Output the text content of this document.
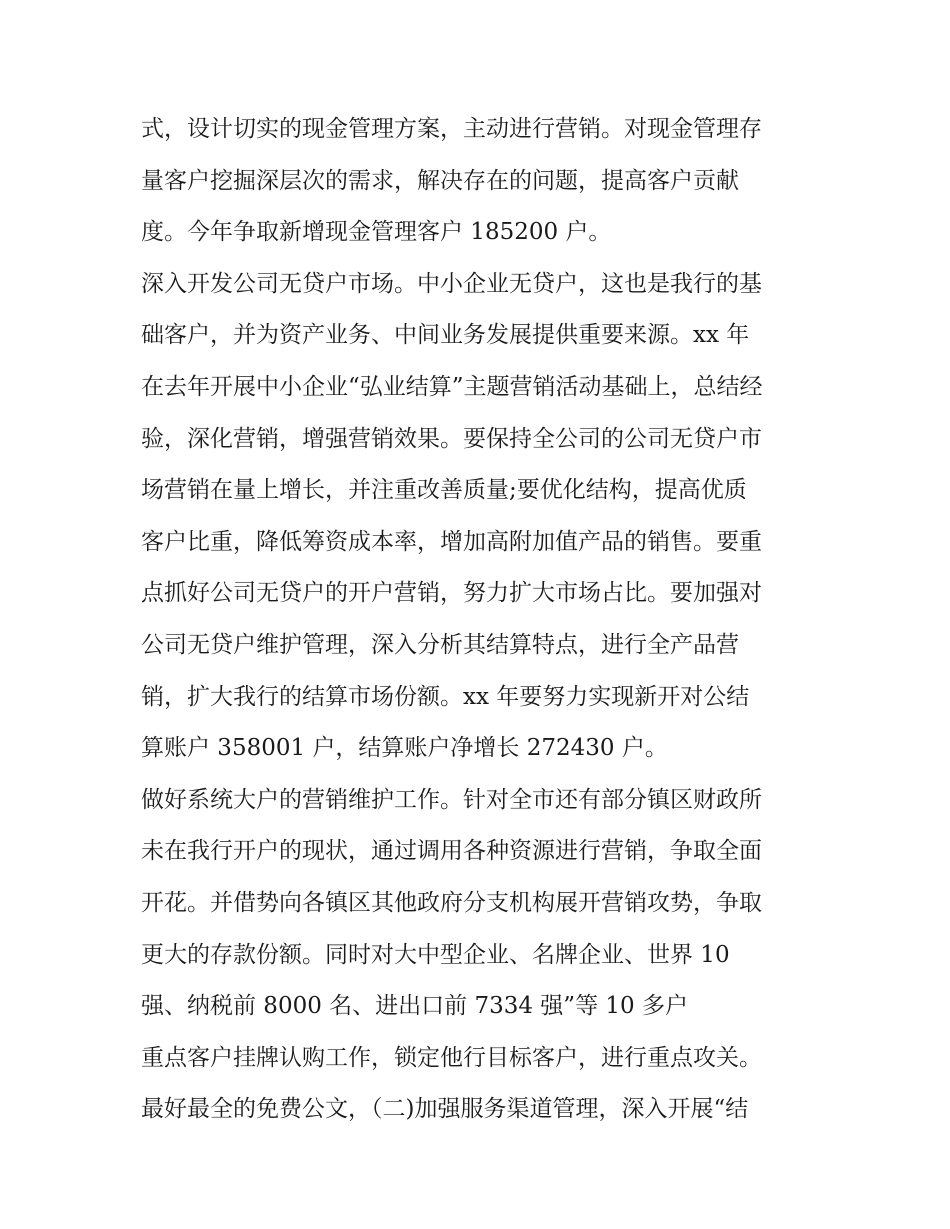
式，设计切实的现金管理方案，主动进行营销。对现金管理存
量客户挖掘深层次的需求，解决存在的问题，提高客户贡献
度。今年争取新增现金管理客户 185200 户。
深入开发公司无贷户市场。中小企业无贷户，这也是我行的基
础客户，并为资产业务、中间业务发展提供重要来源。xx 年
在去年开展中小企业“弘业结算”主题营销活动基础上，总结经
验，深化营销，增强营销效果。要保持全公司的公司无贷户市
场营销在量上增长，并注重改善质量;要优化结构，提高优质
客户比重，降低筹资成本率，增加高附加值产品的销售。要重
点抓好公司无贷户的开户营销，努力扩大市场占比。要加强对
公司无贷户维护管理，深入分析其结算特点，进行全产品营
销，扩大我行的结算市场份额。xx 年要努力实现新开对公结
算账户 358001 户，结算账户净增长 272430 户。
做好系统大户的营销维护工作。针对全市还有部分镇区财政所
未在我行开户的现状，通过调用各种资源进行营销，争取全面
开花。并借势向各镇区其他政府分支机构展开营销攻势，争取
更大的存款份额。同时对大中型企业、名牌企业、世界 10
强、纳税前 8000 名、进出口前 7334 强”等 10 多户
重点客户挂牌认购工作，锁定他行目标客户，进行重点攻关。
最好最全的免费公文，（二)加强服务渠道管理，深入开展“结
